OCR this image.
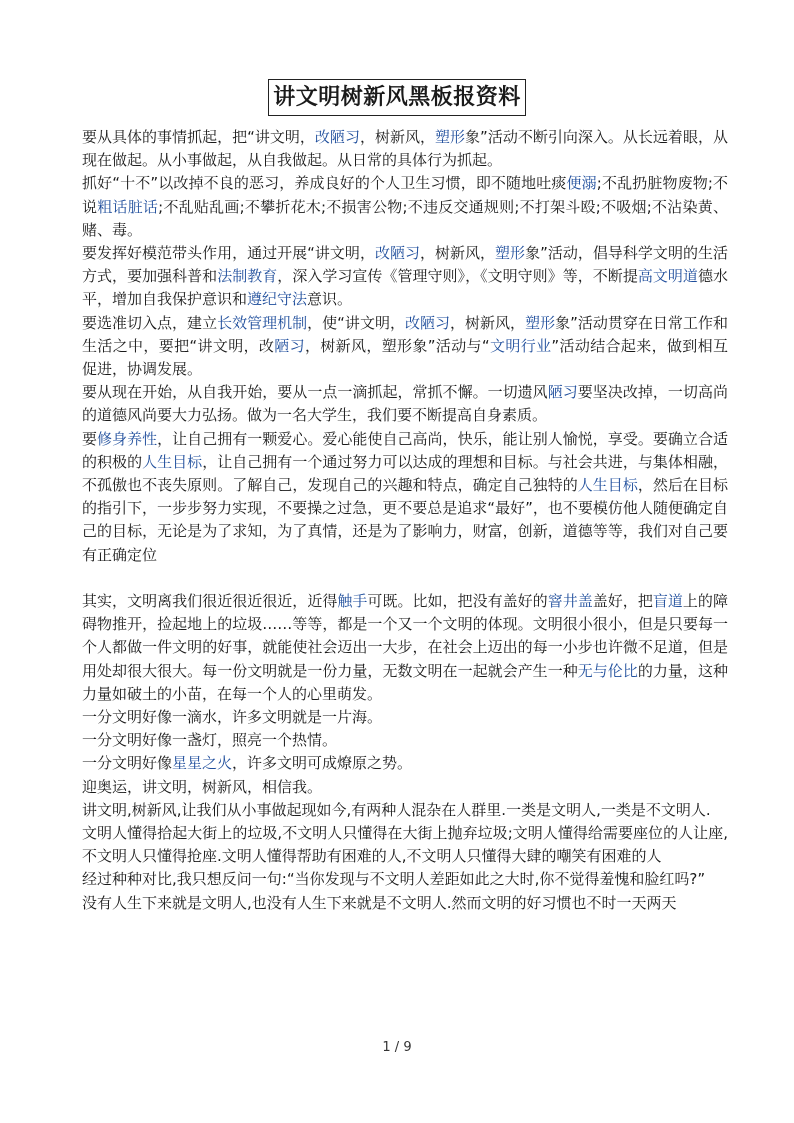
讲文明树新风黑板报资料

要从具体的事情抓起，把“讲文明，改陋习，树新风，塑形象”活动不断引向深入。从长远着眼，从现在做起。从小事做起，从自我做起。从日常的具体行为抓起。

抓好“十不”以改掉不良的恶习，养成良好的个人卫生习惯，即不随地吐痰便溺;不乱扔脏物废物;不说粗话脏话;不乱贴乱画;不攀折花木;不损害公物;不违反交通规则;不打架斗殴;不吸烟;不沾染黄、赌、毒。

要发挥好模范带头作用，通过开展“讲文明，改陋习，树新风，塑形象”活动，倡导科学文明的生活方式，要加强科普和法制教育，深入学习宣传《管理守则》，《文明守则》等，不断提高文明道德水平，增加自我保护意识和遵纪守法意识。

要选准切入点，建立长效管理机制，使“讲文明，改陋习，树新风，塑形象”活动贯穿在日常工作和生活之中，要把“讲文明，改陋习，树新风，塑形象”活动与“文明行业”活动结合起来，做到相互促进，协调发展。

要从现在开始，从自我开始，要从一点一滴抓起，常抓不懈。一切遗风陋习要坚决改掉，一切高尚的道德风尚要大力弘扬。做为一名大学生，我们要不断提高自身素质。

要修身养性，让自己拥有一颗爱心。爱心能使自己高尚，快乐，能让别人愉悦，享受。要确立合适的积极的人生目标，让自己拥有一个通过努力可以达成的理想和目标。与社会共进，与集体相融，不孤傲也不丧失原则。了解自己，发现自己的兴趣和特点，确定自己独特的人生目标，然后在目标的指引下，一步步努力实现，不要操之过急，更不要总是追求“最好”，也不要模仿他人随便确定自己的目标，无论是为了求知，为了真情，还是为了影响力，财富，创新，道德等等，我们对自己要有正确定位

其实，文明离我们很近很近很近，近得触手可既。比如，把没有盖好的窨井盖盖好，把盲道上的障碍物推开，捡起地上的垃圾……等等，都是一个又一个文明的体现。文明很小很小，但是只要每一个人都做一件文明的好事，就能使社会迈出一大步，在社会上迈出的每一小步也许微不足道，但是用处却很大很大。每一份文明就是一份力量，无数文明在一起就会产生一种无与伦比的力量，这种力量如破土的小苗，在每一个人的心里萌发。

一分文明好像一滴水，许多文明就是一片海。

一分文明好像一盏灯，照亮一个热情。

一分文明好像星星之火，许多文明可成燎原之势。

迎奥运，讲文明，树新风，相信我。

讲文明,树新风,让我们从小事做起现如今,有两种人混杂在人群里.一类是文明人,一类是不文明人.

文明人懂得拾起大街上的垃圾,不文明人只懂得在大街上抛弃垃圾;文明人懂得给需要座位的人让座,不文明人只懂得抢座.文明人懂得帮助有困难的人,不文明人只懂得大肆的嘲笑有困难的人

经过种种对比,我只想反问一句:“当你发现与不文明人差距如此之大时,你不觉得羞愧和脸红吗?”

没有人生下来就是文明人,也没有人生下来就是不文明人.然而文明的好习惯也不时一天两天

1 / 9
